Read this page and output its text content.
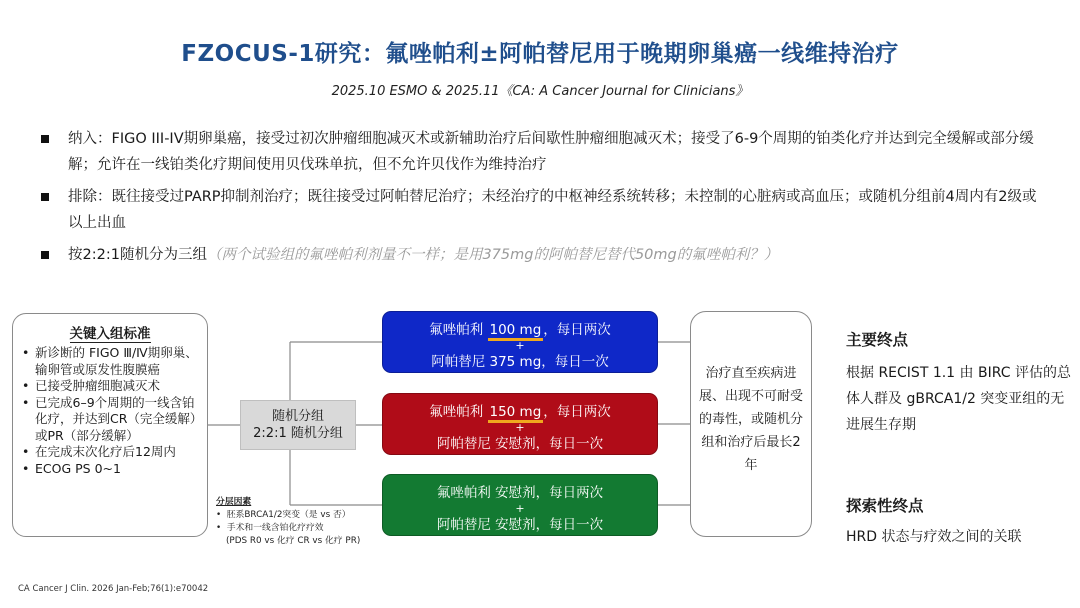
FZOCUS-1研究：氟唑帕利±阿帕替尼用于晚期卵巢癌一线维持治疗
2025.10 ESMO & 2025.11《CA: A Cancer Journal for Clinicians》
纳入：FIGO III-IV期卵巢癌，接受过初次肿瘤细胞减灭术或新辅助治疗后间歇性肿瘤细胞减灭术；接受了6-9个周期的铂类化疗并达到完全缓解或部分缓解；允许在一线铂类化疗期间使用贝伐珠单抗，但不允许贝伐作为维持治疗
排除：既往接受过PARP抑制剂治疗；既往接受过阿帕替尼治疗；未经治疗的中枢神经系统转移；未控制的心脏病或高血压；或随机分组前4周内有2级或以上出血
按2:2:1随机分为三组（两个试验组的氟唑帕利剂量不一样；是用375mg的阿帕替尼替代50mg的氟唑帕利？）
关键入组标准
• 新诊断的 FIGO Ⅲ/Ⅳ期卵巢、输卵管或原发性腹膜癌
• 已接受肿瘤细胞减灭术
• 已完成6–9个周期的一线含铂化疗，并达到CR（完全缓解）或PR（部分缓解）
• 在完成末次化疗后12周内
• ECOG PS 0~1
随机分组
2:2:1 随机分组
氟唑帕利 100 mg ，每日两次
+
阿帕替尼 375 mg，每日一次
氟唑帕利 150 mg ，每日两次
+
阿帕替尼 安慰剂，每日一次
氟唑帕利 安慰剂，每日两次
+
阿帕替尼 安慰剂，每日一次
治疗直至疾病进展、出现不可耐受的毒性，或随机分组和治疗后最长2年
分层因素
•  胚系BRCA1/2突变（是 vs 否）
•  手术和一线含铂化疗疗效
(PDS R0 vs 化疗 CR vs 化疗 PR)
主要终点
根据 RECIST 1.1 由 BIRC 评估的总体人群及 gBRCA1/2 突变亚组的无进展生存期
探索性终点
HRD 状态与疗效之间的关联
CA Cancer J Clin. 2026 Jan-Feb;76(1):e70042
